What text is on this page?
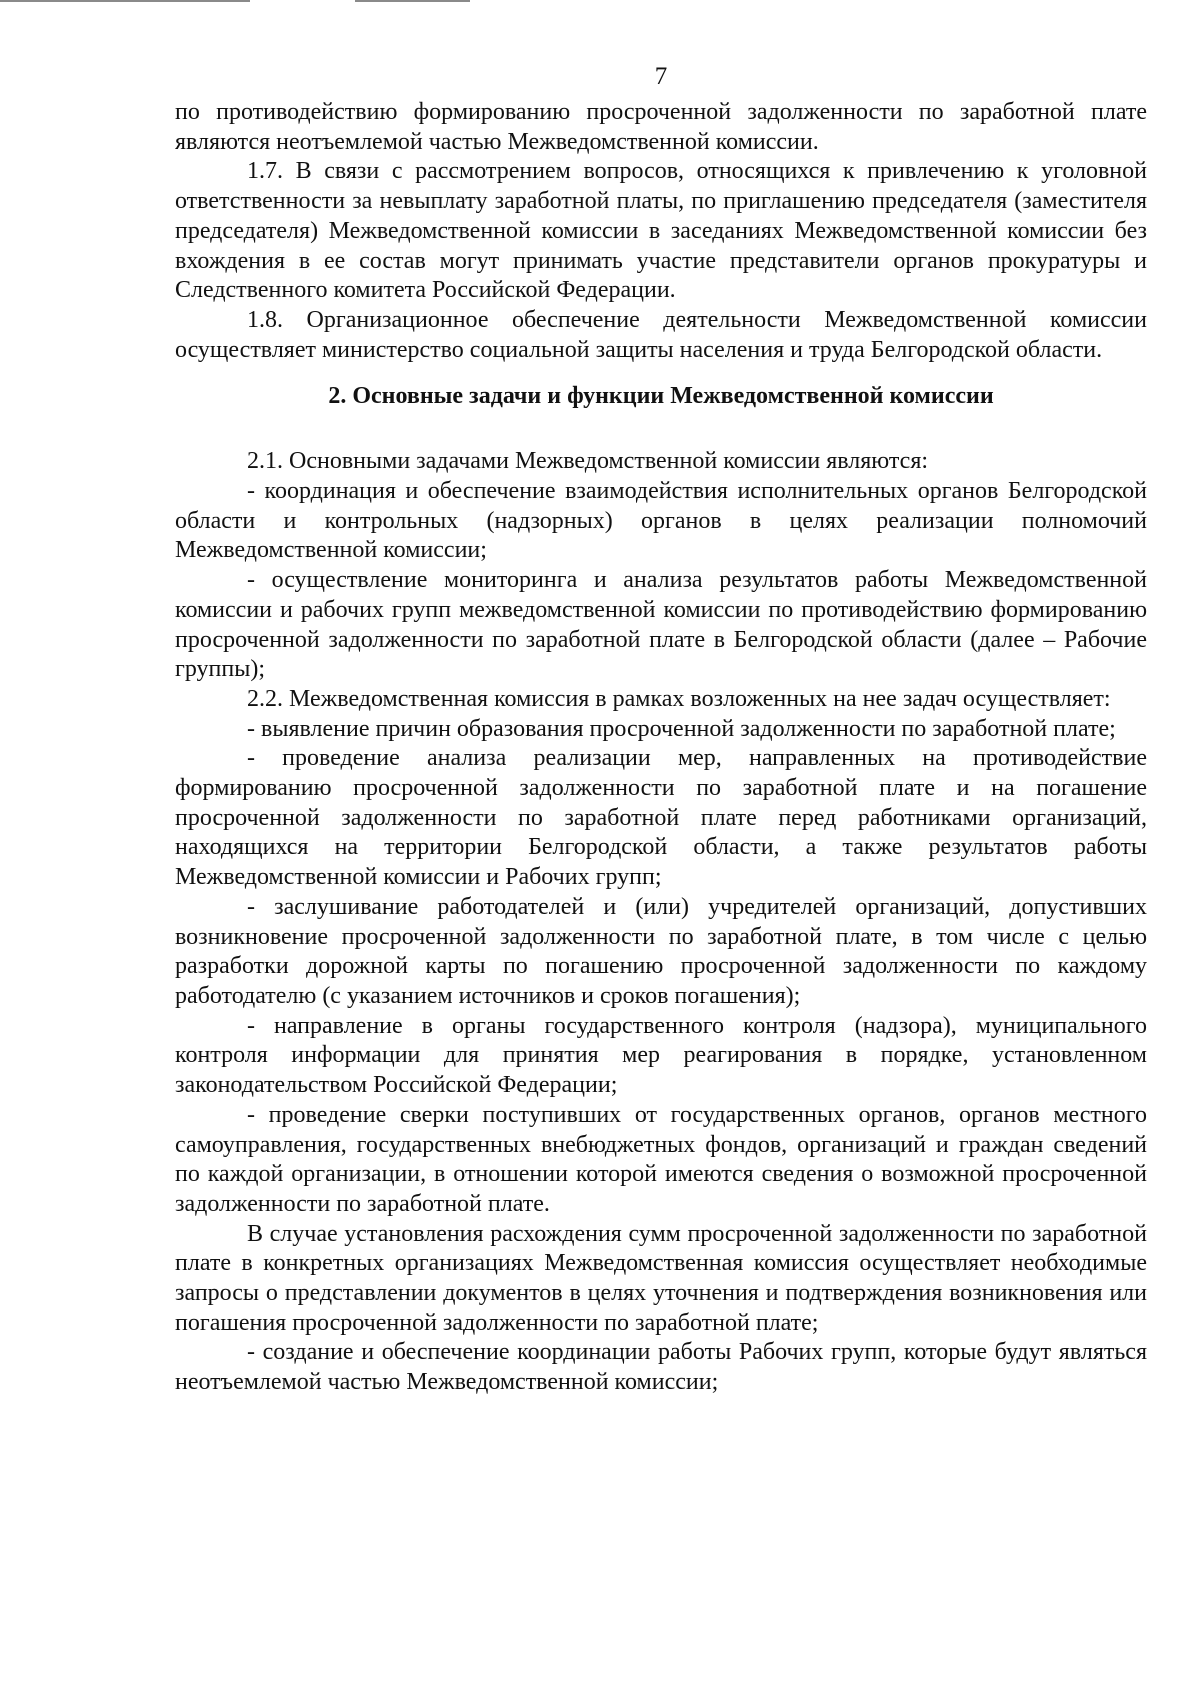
7

по противодействию формированию просроченной задолженности по заработной плате являются неотъемлемой частью Межведомственной комиссии.

1.7. В связи с рассмотрением вопросов, относящихся к привлечению к уголовной ответственности за невыплату заработной платы, по приглашению председателя (заместителя председателя) Межведомственной комиссии в заседаниях Межведомственной комиссии без вхождения в ее состав могут принимать участие представители органов прокуратуры и Следственного комитета Российской Федерации.

1.8. Организационное обеспечение деятельности Межведомственной комиссии осуществляет министерство социальной защиты населения и труда Белгородской области.

2. Основные задачи и функции Межведомственной комиссии

2.1. Основными задачами Межведомственной комиссии являются:

- координация и обеспечение взаимодействия исполнительных органов Белгородской области и контрольных (надзорных) органов в целях реализации полномочий Межведомственной комиссии;

- осуществление мониторинга и анализа результатов работы Межведомственной комиссии и рабочих групп межведомственной комиссии по противодействию формированию просроченной задолженности по заработной плате в Белгородской области (далее – Рабочие группы);

2.2. Межведомственная комиссия в рамках возложенных на нее задач осуществляет:

- выявление причин образования просроченной задолженности по заработной плате;

- проведение анализа реализации мер, направленных на противодействие формированию просроченной задолженности по заработной плате и на погашение просроченной задолженности по заработной плате перед работниками организаций, находящихся на территории Белгородской области, а также результатов работы Межведомственной комиссии и Рабочих групп;

- заслушивание работодателей и (или) учредителей организаций, допустивших возникновение просроченной задолженности по заработной плате, в том числе с целью разработки дорожной карты по погашению просроченной задолженности по каждому работодателю (с указанием источников и сроков погашения);

- направление в органы государственного контроля (надзора), муниципального контроля информации для принятия мер реагирования в порядке, установленном законодательством Российской Федерации;

- проведение сверки поступивших от государственных органов, органов местного самоуправления, государственных внебюджетных фондов, организаций и граждан сведений по каждой организации, в отношении которой имеются сведения о возможной просроченной задолженности по заработной плате.

В случае установления расхождения сумм просроченной задолженности по заработной плате в конкретных организациях Межведомственная комиссия осуществляет необходимые запросы о представлении документов в целях уточнения и подтверждения возникновения или погашения просроченной задолженности по заработной плате;

- создание и обеспечение координации работы Рабочих групп, которые будут являться неотъемлемой частью Межведомственной комиссии;
